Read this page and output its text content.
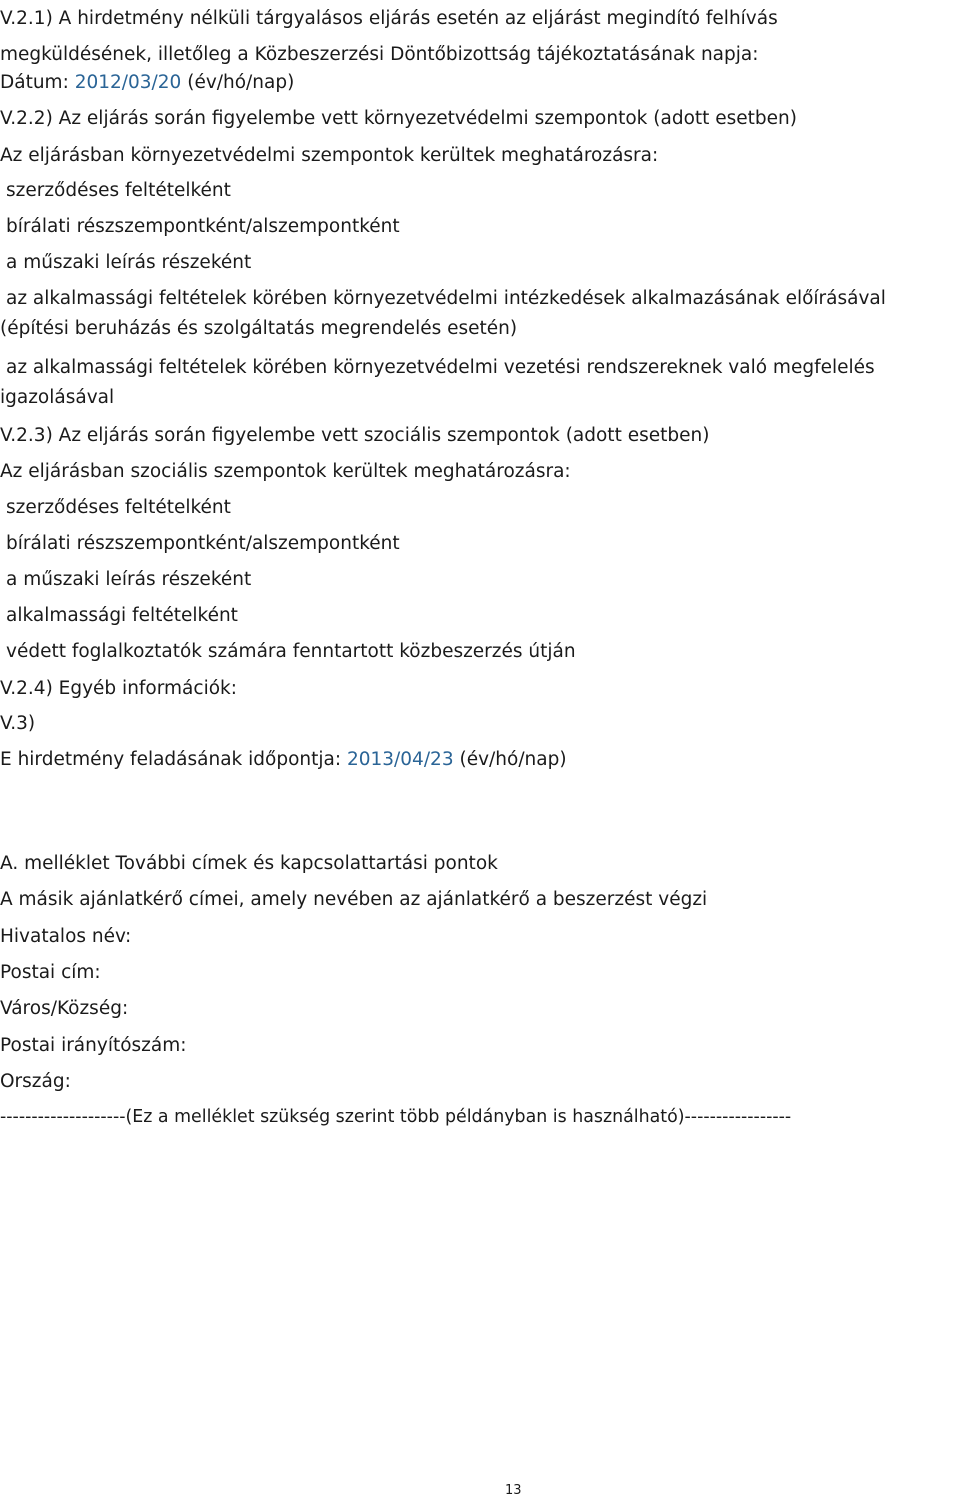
V.2.1) A hirdetmény nélküli tárgyalásos eljárás esetén az eljárást megindító felhívás
megküldésének, illetőleg a Közbeszerzési Döntőbizottság tájékoztatásának napja:
Dátum: 2012/03/20 (év/hó/nap)
V.2.2) Az eljárás során figyelembe vett környezetvédelmi szempontok (adott esetben)
Az eljárásban környezetvédelmi szempontok kerültek meghatározásra:
szerződéses feltételként
bírálati részszempontként/alszempontként
a műszaki leírás részeként
az alkalmassági feltételek körében környezetvédelmi intézkedések alkalmazásának előírásával
(építési beruházás és szolgáltatás megrendelés esetén)
az alkalmassági feltételek körében környezetvédelmi vezetési rendszereknek való megfelelés
igazolásával
V.2.3) Az eljárás során figyelembe vett szociális szempontok (adott esetben)
Az eljárásban szociális szempontok kerültek meghatározásra:
szerződéses feltételként
bírálati részszempontként/alszempontként
a műszaki leírás részeként
alkalmassági feltételként
védett foglalkoztatók számára fenntartott közbeszerzés útján
V.2.4) Egyéb információk:
V.3)
E hirdetmény feladásának időpontja: 2013/04/23 (év/hó/nap)
A. melléklet További címek és kapcsolattartási pontok
A másik ajánlatkérő címei, amely nevében az ajánlatkérő a beszerzést végzi
Hivatalos név:
Postai cím:
Város/Község:
Postai irányítószám:
Ország:
--------------------(Ez a melléklet szükség szerint több példányban is használható)-----------------
13
